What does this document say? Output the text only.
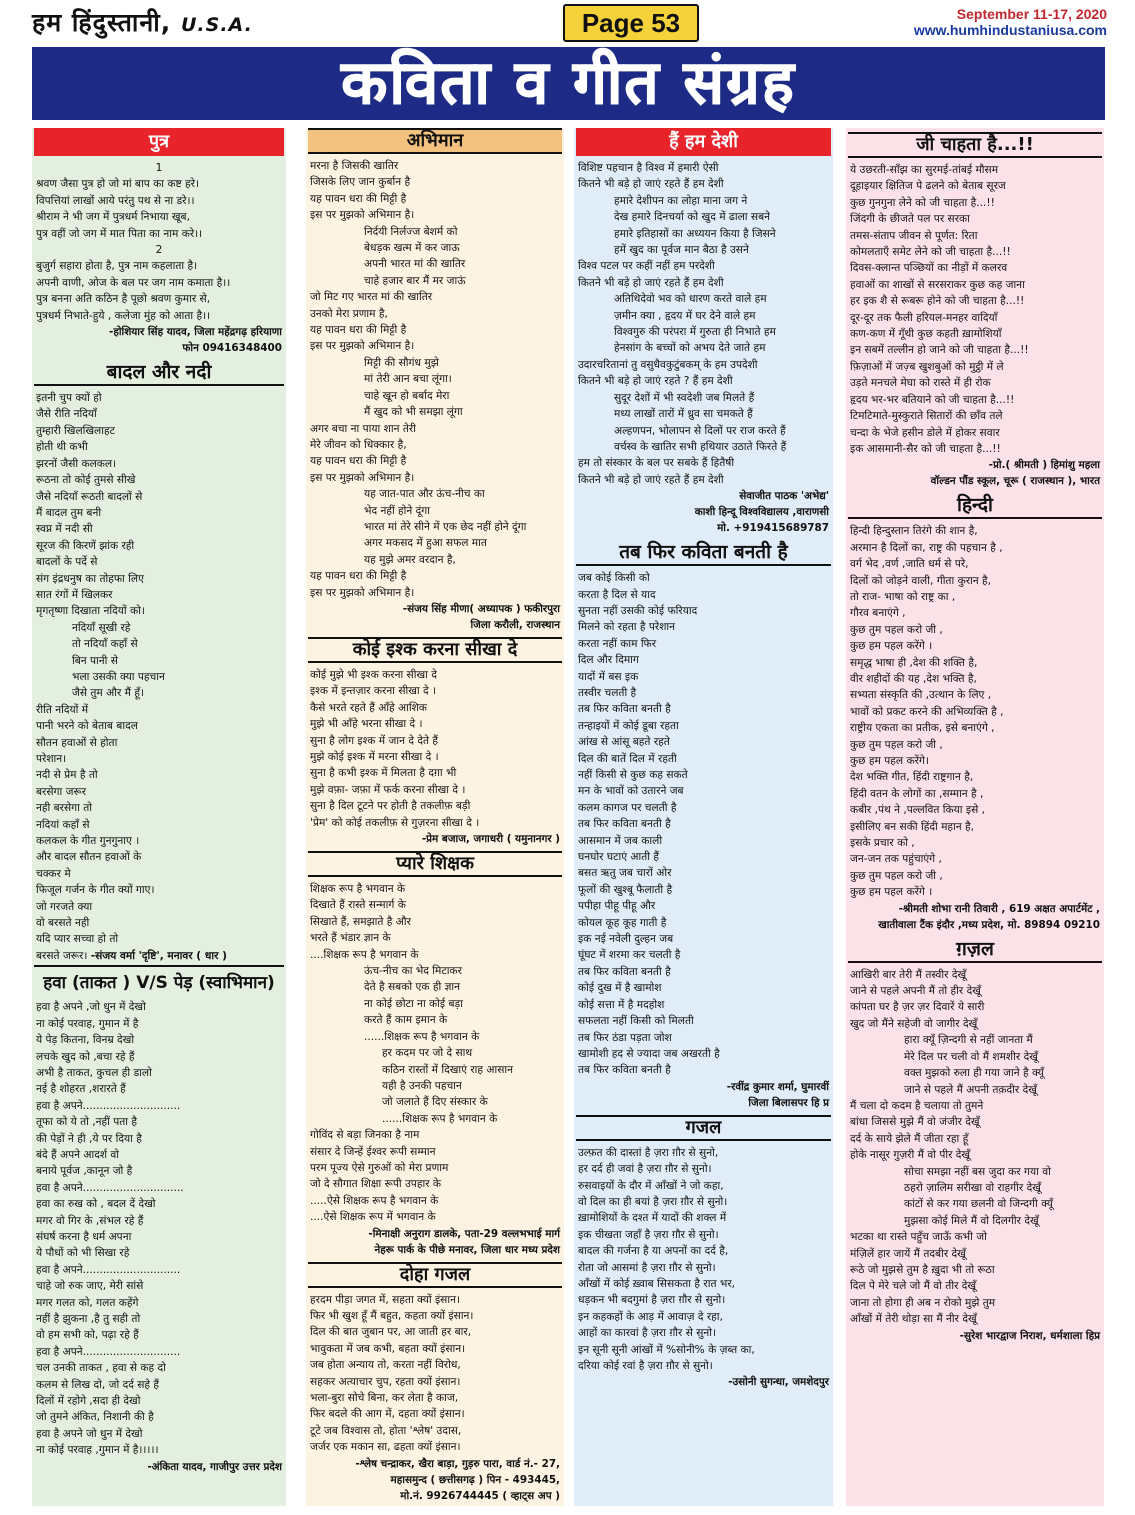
हम हिंदुस्तानी, U.S.A.	Page 53	September 11-17, 2020
www.humhindustaniusa.com
कविता व गीत संग्रह
पुत्र
1
श्रवण जैसा पुत्र हो जो मां बाप का कष्ट हरे।
विपत्तियां लाखों आये परंतु पथ से ना डरे।।
श्रीराम ने भी जग में पुत्रधर्म निभाया खूब,
पुत्र वहीं जो जग में मात पिता का नाम करे।।
2
बुजुर्ग सहारा होता है, पुत्र नाम कहलाता है।
अपनी वाणी, ओज के बल पर जग नाम कमाता है।।
पुत्र बनना अति कठिन है पूछो श्रवण कुमार से,
पुत्रधर्म निभाते-हुये , कलेजा मुंह को आता है।।
-होशियार सिंह यादव, जिला महेंद्रगढ़ हरियाणा
फोन 09416348400
बादल और नदी
इतनी चुप क्यों हो
जैसे रीति नदियाँ
तुम्हारी खिलखिलाहट
होती थी कभी
झरनों जैसी कलकल।
रूठना तो कोई तुमसे सीखे
जैसे नदियाँ रूठती बादलों से
मैं बादल तुम बनी
स्वप्न में नदी सी
सूरज की किरणें झांक रही
बादलों के पर्दे से
संग इंद्रधनुष का तोहफा लिए
सात रंगों में खिलकर
मृगतृष्णा दिखाता नदियों को।
नदियाँ सूखी रहे
तो नदियाँ कहाँ से
बिन पानी से
भला उसकी क्या पहचान
जैसे तुम और मैं हूँ।
रीति नदियों में
पानी भरने को बेताब बादल
सौतन हवाओं से होता
परेशान।
नदी से प्रेम है तो
बरसेगा जरूर
नही बरसेगा तो
नदियां कहाँ से
कलकल के गीत गुनगुनाए ।
और बादल सौतन हवाओं के
चक्कर मे
फिजूल गर्जन के गीत क्यों गाए।
जो गरजते क्या
वो बरसते नही
यदि प्यार सच्चा हो तो
बरसते जरूर। -संजय वर्मा 'दृष्टि', मनावर ( धार )
हवा (ताकत ) V/S पेड़ (स्वाभिमान)
हवा है अपने ,जो धुन में देखो
ना कोई परवाह, गुमान में है
ये पेड़ कितना, विनम्र देखो
लचके खुद को ,बचा रहे हैं
अभी है ताकत, कुचल ही डालो
नई है शोहरत ,शरारते हैं
हवा है अपने.............................
तूफा को ये तो ,नहीं पता है
की पेड़ों ने ही ,ये पर दिया है
बंदे हैं अपने आदर्श वो
बनाये पूर्वज ,कानून जो है
हवा है अपने..............................
हवा का रुख को , बदल दें देखो
मगर वो गिर के ,संभल रहे हैं
संघर्ष करना है धर्म अपना
ये पौधों को भी सिखा रहे
हवा है अपने.............................
चाहे जो रुक जाए, मेरी सांसे
मगर गलत को, गलत कहेंगे
नहीं है झुकना ,है तु सही तो
वो हम सभी को, पढ़ा रहे हैं
हवा है अपने.............................
चल उनकी ताकत , हवा से कह दो
कलम से लिख दो, जो दर्द सहे हैं
दिलों में रहोगे ,सदा ही देखो
जो तुमने अंकित, निशानी की है
हवा है अपने जो धुन में देखो
ना कोई परवाह ,गुमान में है।।।।।
-अंकिता यादव, गाजीपुर उत्तर प्रदेश
अभिमान
मरना है जिसकी खातिर
जिसके लिए जान कुर्बान है
यह पावन धरा की मिट्टी है
इस पर मुझको अभिमान है।
निर्दयी निर्लज्ज बेशर्म को
बेधड़क खत्म में कर जाऊ
अपनी भारत मां की खातिर
चाहे हजार बार मैं मर जाऊं
जो मिट गए भारत मां की खातिर
उनको मेरा प्रणाम है,
यह पावन धरा की मिट्टी है
इस पर मुझको अभिमान है।
मिट्टी की सौगंध मुझे
मां तेरी आन बचा लूंगा।
चाहे खून हो बर्बाद मेरा
मैं खुद को भी समझा लूंगा
अगर बचा ना पाया शान तेरी
मेरे जीवन को धिक्कार है,
यह पावन धरा की मिट्टी है
इस पर मुझको अभिमान है।
यह जात-पात और ऊंच-नीच का
भेद नहीं होने दूंगा
भारत मां तेरे सीने में एक छेद नहीं होने दूंगा
अगर मकसद में हुआ सफल मात
यह मुझे अमर वरदान है,
यह पावन धरा की मिट्टी है
इस पर मुझको अभिमान है।
-संजय सिंह मीणा( अध्यापक ) फकीरपुरा
जिला करौली, राजस्थान
कोई इश्क करना सीखा दे
कोई मुझे भी इश्क करना सीखा दे
इश्क में इन्तज़ार करना सीखा दे ।
कैसे भरते रहते हैं आँहे आशिक
मुझे भी आँहे भरना सीखा दे ।
सुना है लोग इश्क में जान दे देते हैं
मुझे कोई इश्क में मरना सीखा दे ।
सुना है कभी इश्क में मिलता है दग़ा भी
मुझे वफ़ा- जफ़ा में फर्क करना सीखा दे ।
सुना है दिल टूटने पर होती है तकलीफ़ बड़ी
'प्रेम' को कोई तकलीफ़ से गुज़रना सीखा दे ।
-प्रेम बजाज, जगाधरी ( यमुनानगर )
प्यारे शिक्षक
शिक्षक रूप है भगवान के
दिखाते हैं रास्ते सन्मार्ग के
सिखाते हैं, समझाते है और
भरते हैं भंडार ज्ञान के
....शिक्षक रूप है भगवान के
ऊंच-नीच का भेद मिटाकर
देते है सबको एक ही ज्ञान
ना कोई छोटा ना कोई बड़ा
करते हैं काम इमान के
......शिक्षक रूप है भगवान के
हर कदम पर जो दे साथ
कठिन रास्तों में दिखाएं राह आसान
यही है उनकी पहचान
जो जलाते हैं दिए संस्कार के
......शिक्षक रूप है भगवान के
गोविंद से बड़ा जिनका है नाम
संसार दे जिन्हें ईश्वर रूपी सम्मान
परम पूज्य ऐसे गुरुओं को मेरा प्रणाम
जो दे सौगात शिक्षा रूपी उपहार के
.....ऐसे शिक्षक रूप है भगवान के
....ऐसे शिक्षक रूप में भगवान के
-मिनाक्षी अनुराग डालके, पता-29 वल्लभभाई मार्ग
नेहरू पार्क के पीछे मनावर, जिला धार मध्य प्रदेश
दोहा गजल
हरदम पीड़ा जगत में, सहता क्यों इंसान।
फिर भी खुश हूँ मैं बहुत, कहता क्यों इंसान।
दिल की बात जुबान पर, आ जाती हर बार,
भावुकता में जब कभी, बहता क्यों इंसान।
जब होता अन्याय तो, करता नहीं विरोध,
सहकर अत्याचार चुप, रहता क्यों इंसान।
भला-बुरा सोचे बिना, कर लेता है काज,
फिर बदले की आग में, दहता क्यों इंसान।
टूटे जब विश्वास तो, होता 'श्लेष' उदास,
जर्जर एक मकान सा, ढहता क्यों इंसान।
-श्लेष चन्द्राकर, खैरा बाड़ा, गुड़रु पारा, वार्ड नं.- 27,
महासमुन्द ( छत्तीसगढ़ ) पिन - 493445,
मो.नं. 9926744445 ( व्हाट्स अप )
हैं हम देशी
विशिष्ट पहचान है विश्व में हमारी ऐसी
कितने भी बड़े हो जाएं रहते हैं हम देशी
हमारे देशीपन का लोहा माना जग ने
देख हमारे दिनचर्या को खुद में ढाला सबने
हमारे इतिहासों का अध्ययन किया है जिसने
हमें खुद का पूर्वज मान बैठा है उसने
विश्व पटल पर कहीं नहीं हम परदेशी
कितने भी बड़े हो जाएं रहते हैं हम देशी
अतिथिदेवो भव को धारण करते वाले हम
ज़मीन क्या , हृदय में घर देने वाले हम
विश्वगुरु की परंपरा में गुरुता ही निभाते हम
हेनसांग के बच्चों को अभय देते जाते हम
उदारचरितानां तु वसुधैवकुटुंबकम् के हम उपदेशी
कितने भी बड़े हो जाएं रहते ? हैं हम देशी
सुदूर देशों में भी स्वदेशी जब मिलते हैं
मध्य लाखों तारों में ध्रुव सा चमकते हैं
अल्हणपन, भोलापन से दिलों पर राज करते हैं
वर्चस्व के खातिर सभी हथियार उठाते फिरते हैं
हम तो संस्कार के बल पर सबके हैं हितैषी
कितने भी बड़े हो जाएं रहते हैं हम देशी
सेवाजीत पाठक 'अभेद्य'
काशी हिन्दू विश्वविद्यालय ,वाराणसी
मो. +919415689787
तब फिर कविता बनती है
जब कोई किसी को
करता है दिल से याद
सुनता नहीं उसकी कोई फरियाद
मिलने को रहता है परेशान
करता नहीं काम फिर
दिल और दिमाग
यादों में बस इक
तस्वीर चलती है
तब फिर कविता बनती है
तन्हाइयों में कोई डूबा रहता
आंख से आंसू बहते रहते
दिल की बातें दिल में रहती
नहीं किसी से कुछ कह सकते
मन के भावों को उतारने जब
कलम कागज पर चलती है
तब फिर कविता बनती है
आसमान में जब काली
घनघोर घटाएं आती हैं
बसत ऋतु जब चारों ओर
फूलों की खुश्बू फैलाती है
पपीहा पीहू पीहू और
कोयल कूह कूह गाती है
इक नई नवेली दुल्हन जब
घूंघट में शरमा कर चलती है
तब फिर कविता बनती है
कोई दुख में है खामोश
कोई सत्ता में है मदहोश
सफलता नहीं किसी को मिलती
तब फिर ठंडा पड़ता जोश
खामोशी हद से ज्यादा जब अखरती है
तब फिर कविता बनती है
-रवींद्र कुमार शर्मा, घुमारवीं
जिला बिलासपर हि प्र
गजल
उल्फ़त की दास्तां है ज़रा ग़ौर से सुनो,
हर दर्द ही जवां है ज़रा ग़ौर से सुनो।
रुसवाइयों के दौर में आँखों ने जो कहा,
वो दिल का ही बयां है ज़रा ग़ौर से सुनो।
ख़ामोशियों के दश्त में यादों की शक्ल में
इक चीखता जहाँ है ज़रा ग़ौर से सुनो।
बादल की गर्जना है या अपनों का दर्द है,
रोता जो आसमां है ज़रा ग़ौर से सुनो।
आँखों में कोई ख़्वाब सिसकता है रात भर,
धड़कन भी बदगुमां है ज़रा ग़ौर से सुनो।
इन कहकहों के आड़ में आवाज़ दे रहा,
आहों का कारवां है ज़रा ग़ौर से सुनो।
इन सूनी सूनी आंखों में %सोनी% के ज़ब्त का,
दरिया कोई रवां है ज़रा ग़ौर से सुनो।
-उसोनी सुगन्धा, जमशेदपुर
जी चाहता है...!!
ये उछरती-साँझ का सुरमई-तांबई मौसम
दूहाइयार क्षितिज पे ढलने को बेताब सूरज
कुछ गुनगुना लेने को जी चाहता है...!!
जिंदगी के छीजते पल पर सरका
तमस-संताप जीवन से पूर्णत: रिता
कोमलताएँ समेट लेने को जी चाहता है...!!
दिवस-क्लान्त पञ्छियों का नीड़ों में कलरव
हवाओं का शाखों से सरसराकर कुछ कह जाना
हर इक शै से रूबरू होने को जी चाहता है...!!
दूर-दूर तक फैली हरियल-मनहर वादियाँ
कण-कण में गूँथी कुछ कहती ख़ामोशियाँ
इन सबमें तल्लीन हो जाने को जी चाहता है...!!
फ़िज़ाओं में जज़्ब खुशबुओं को मुट्ठी में ले
उड़ते मनचले मेघा को रास्ते में ही रोक
हृदय भर-भर बतियाने को जी चाहता है...!!
टिमटिमाते-मुस्कुराते सितारों की छाँव तले
चन्दा के भेजे हसीन डोले में होकर सवार
इक आसमानी-सैर को जी चाहता है...!!
-प्रो.( श्रीमती ) हिमांशु महला
वॉल्डन पौंड स्कूल, चूरू ( राजस्थान ), भारत
हिन्दी
हिन्दी हिन्दुस्तान तिरंगे की शान है,
अरमान है दिलों का, राष्ट्र की पहचान है ,
वर्ग भेद ,वर्ण ,जाति धर्म से परे,
दिलों को जोड़ने वाली, गीता कुरान है,
तो राज- भाषा को राष्ट्र का ,
गौरव बनाएंगे ,
कुछ तुम पहल करो जी ,
कुछ हम पहल करेंगे ।
समृद्ध भाषा ही ,देश की शक्ति है,
वीर शहीदों की यह ,देश भक्ति है,
सभ्यता संस्कृति की ,उत्थान के लिए ,
भावों को प्रकट करने की अभिव्यक्ति है ,
राष्ट्रीय एकता का प्रतीक, इसे बनाएंगे ,
कुछ तुम पहल करो जी ,
कुछ हम पहल करेंगे।
देश भक्ति गीत, हिंदी राष्ट्रगान है,
हिंदी वतन के लोगों का ,सम्मान है ,
कबीर ,पंथ ने ,पल्लवित किया इसे ,
इसीलिए बन सकी हिंदी महान है,
इसके प्रचार को ,
जन-जन तक पहुंचाएंगे ,
कुछ तुम पहल करो जी ,
कुछ हम पहल करेंगे ।
-श्रीमती शोभा रानी तिवारी , 619 अक्षत अपार्टमेंट ,
खातीवाला टैंक इंदौर ,मध्य प्रदेश, मो. 89894 09210
ग़ज़ल
आखिरी बार तेरी मैं तस्वीर देखूँ
जाने से पहले अपनी मैं तो हीर देखूँ
कांपता घर है ज़र ज़र दिवारें ये सारी
खुद जो मैंने सहेजी वो जागीर देखूँ
हारा क्यूँ ज़िन्दगी से नहीं जानता मैं
मेरे दिल पर चली वो मैं शमशीर देखूँ
वक्त मुझको रुला ही गया जाने है क्यूँ
जाने से पहले मैं अपनी तक़दीर देखूँ
मैं चला दो कदम है चलाया तो तुमने
बांधा जिससे मुझे मैं वो जंजीर देखूँ
दर्द के साये झेले मैं जीता रहा हूँ
होके नासूर गुज़री मैं वो पीर देखूँ
सोचा समझा नहीं बस जुदा कर गया वो
ठहरो ज़ालिम सरीखा वो राहगीर देखूँ
कांटों से कर गया छलनी वो जिन्दगी क्यूँ
मुझसा कोई मिले मैं वो दिलगीर देखूँ
भटका था रास्ते पहुँच जाऊँ कभी जो
मंज़िलें हार जायें मैं तदबीर देखूँ
रूठे जो मुझसे तुम है ख़ुदा भी तो रूठा
दिल पे मेरे चले जो मैं वो तीर देखूँ
जाना तो होगा ही अब न रोको मुझे तुम
आँखों में तेरी थोड़ा सा मैं नीर देखूँ
-सुरेश भारद्वाज निराश, धर्मशाला हिप्र
